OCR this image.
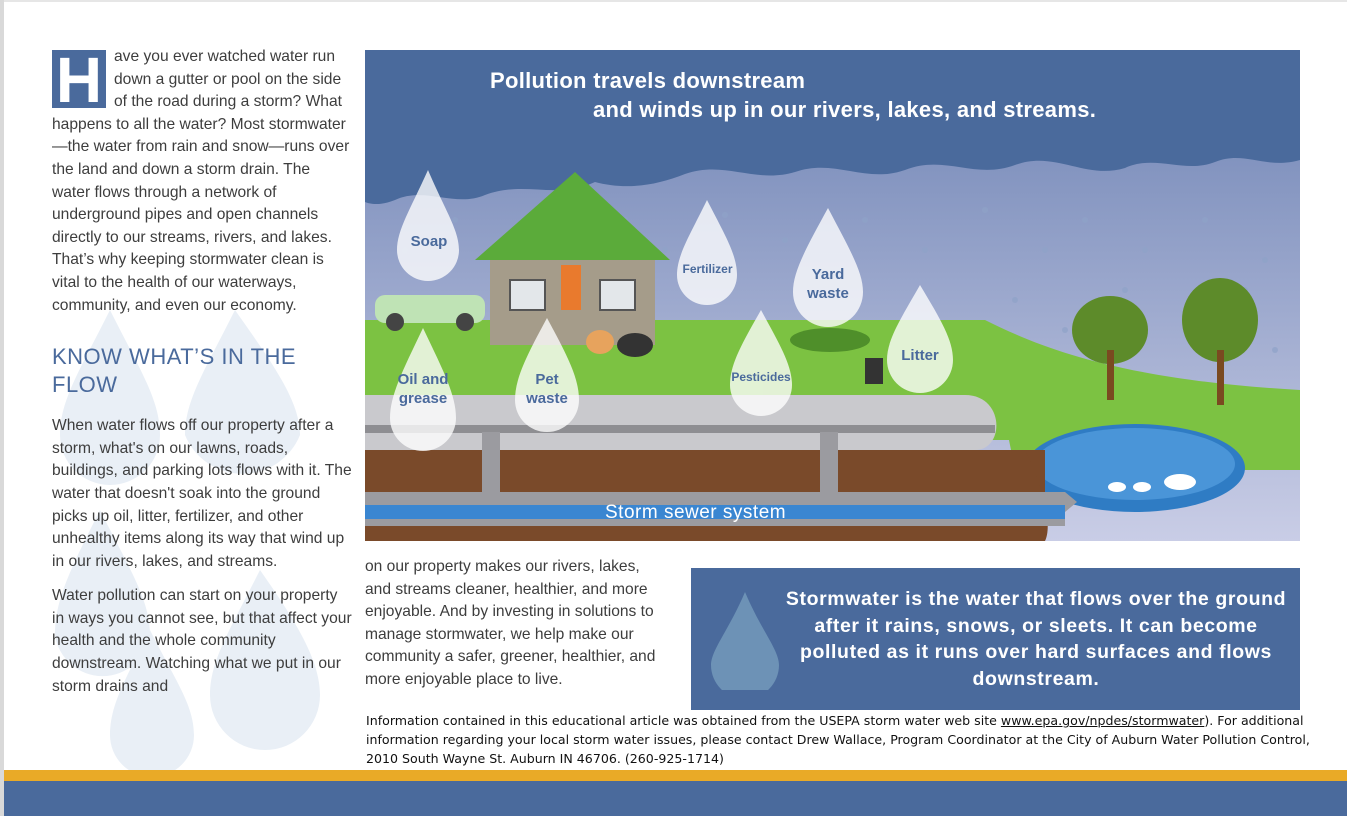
H ave you ever watched water run down a gutter or pool on the side of the road during a storm? What happens to all the water? Most stormwater—the water from rain and snow—runs over the land and down a storm drain. The water flows through a network of underground pipes and open channels directly to our streams, rivers, and lakes. That’s why keeping stormwater clean is vital to the health of our waterways, community, and even our economy.

KNOW WHAT’S IN THE FLOW

When water flows off our property after a storm, what's on our lawns, roads, buildings, and parking lots flows with it. The water that doesn't soak into the ground picks up oil, litter, fertilizer, and other unhealthy items along its way that wind up in our rivers, lakes, and streams.

Water pollution can start on your property in ways you cannot see, but that affect your health and the whole community downstream. Watching what we put in our storm drains and

on our property makes our rivers, lakes, and streams cleaner, healthier, and more enjoyable. And by investing in solutions to manage stormwater, we help make our community a safer, greener, healthier, and more enjoyable place to live.

Pollution travels downstream
and winds up in our rivers, lakes, and streams.
Soap
Fertilizer	Yard waste
Oil and grease
Pet waste
Pesticides
Litter
Storm sewer system
Stormwater is the water that flows over the ground after it rains, snows, or sleets. It can become polluted as it runs over hard surfaces and flows downstream.
Information contained in this educational article was obtained from the USEPA storm water web site www.epa.gov/npdes/stormwater). For additional information regarding your local storm water issues, please contact Drew Wallace, Program Coordinator at the City of Auburn Water Pollution Control, 2010 South Wayne St. Auburn IN 46706. (260-925-1714)
